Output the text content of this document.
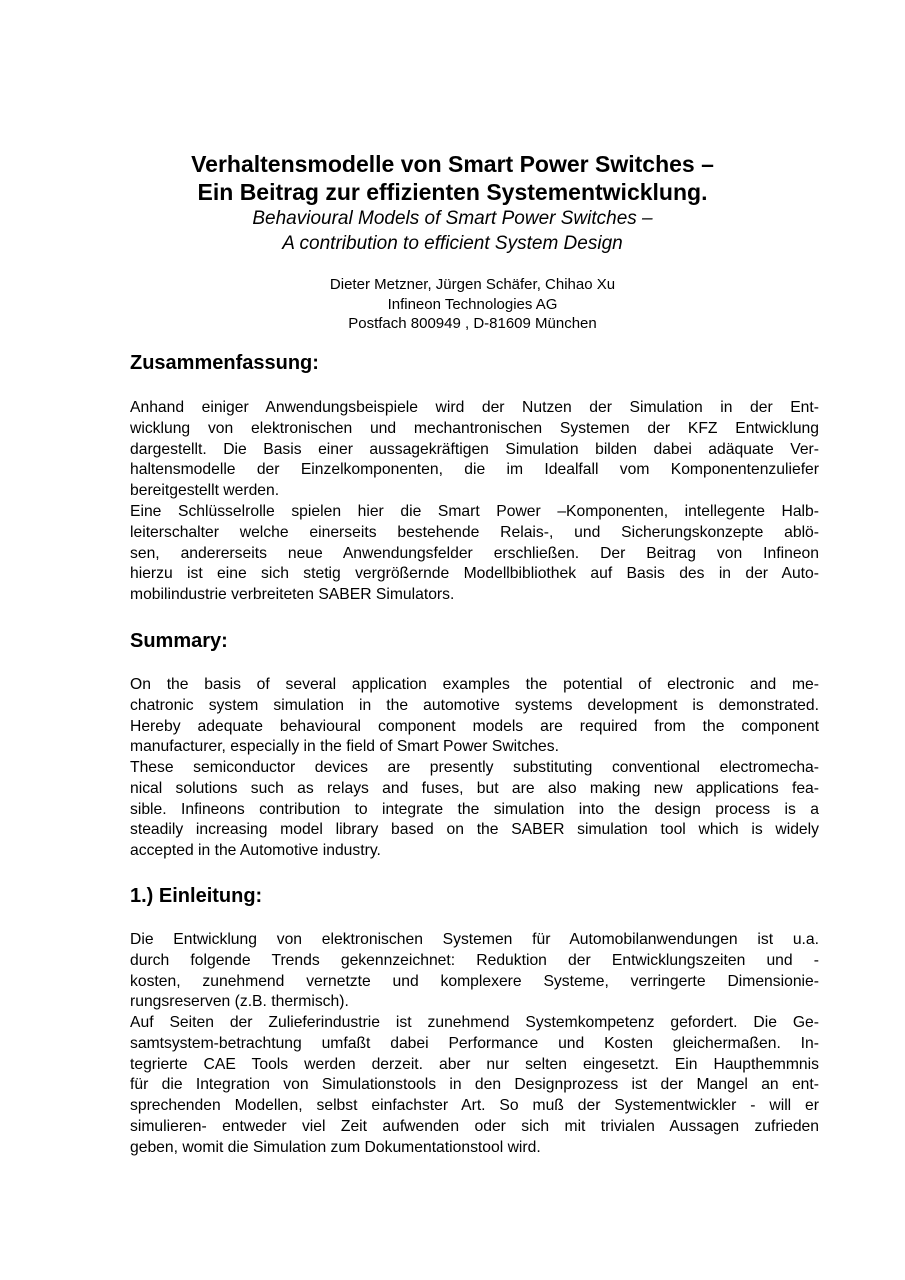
Verhaltensmodelle von Smart Power Switches –
Ein Beitrag zur effizienten Systementwicklung.
Behavioural Models of Smart Power Switches –
A contribution to efficient System Design
Dieter Metzner, Jürgen Schäfer, Chihao Xu
Infineon Technologies AG
Postfach 800949 , D-81609 München
Zusammenfassung:
Anhand einiger Anwendungsbeispiele wird der Nutzen der Simulation in der Ent-
wicklung von elektronischen und mechantronischen Systemen der KFZ Entwicklung
dargestellt. Die Basis einer aussagekräftigen Simulation bilden dabei adäquate Ver-
haltensmodelle der Einzelkomponenten, die im Idealfall vom Komponentenzuliefer
bereitgestellt werden.
Eine Schlüsselrolle spielen hier die Smart Power –Komponenten, intellegente Halb-
leiterschalter welche einerseits bestehende Relais-, und Sicherungskonzepte ablö-
sen, andererseits neue Anwendungsfelder erschließen. Der Beitrag von Infineon
hierzu ist eine sich stetig vergrößernde Modellbibliothek auf Basis des in der Auto-
mobilindustrie verbreiteten SABER Simulators.
Summary:
On the basis of several application examples the potential of electronic and me-
chatronic system simulation in the automotive systems development is demonstrated.
Hereby adequate behavioural component models are required from the component
manufacturer, especially in the field of Smart Power Switches.
These semiconductor devices are presently substituting conventional electromecha-
nical solutions such as relays and fuses, but are also making new applications fea-
sible. Infineons contribution to integrate the simulation into the design process is a
steadily increasing model library based on the SABER simulation tool which is widely
accepted in the Automotive industry.
1.) Einleitung:
Die Entwicklung von elektronischen Systemen für Automobilanwendungen ist u.a.
durch folgende Trends gekennzeichnet: Reduktion der Entwicklungszeiten und -
kosten, zunehmend vernetzte und komplexere Systeme, verringerte Dimensionie-
rungsreserven (z.B. thermisch).
Auf Seiten der Zulieferindustrie ist zunehmend Systemkompetenz gefordert. Die Ge-
samtsystem-betrachtung umfaßt dabei Performance und Kosten gleichermaßen. In-
tegrierte CAE Tools werden derzeit. aber nur selten eingesetzt. Ein Haupthemmnis
für die Integration von Simulationstools in den Designprozess ist der Mangel an ent-
sprechenden Modellen, selbst einfachster Art. So muß der Systementwickler - will er
simulieren- entweder viel Zeit aufwenden oder sich mit trivialen Aussagen zufrieden
geben, womit die Simulation zum Dokumentationstool wird.
